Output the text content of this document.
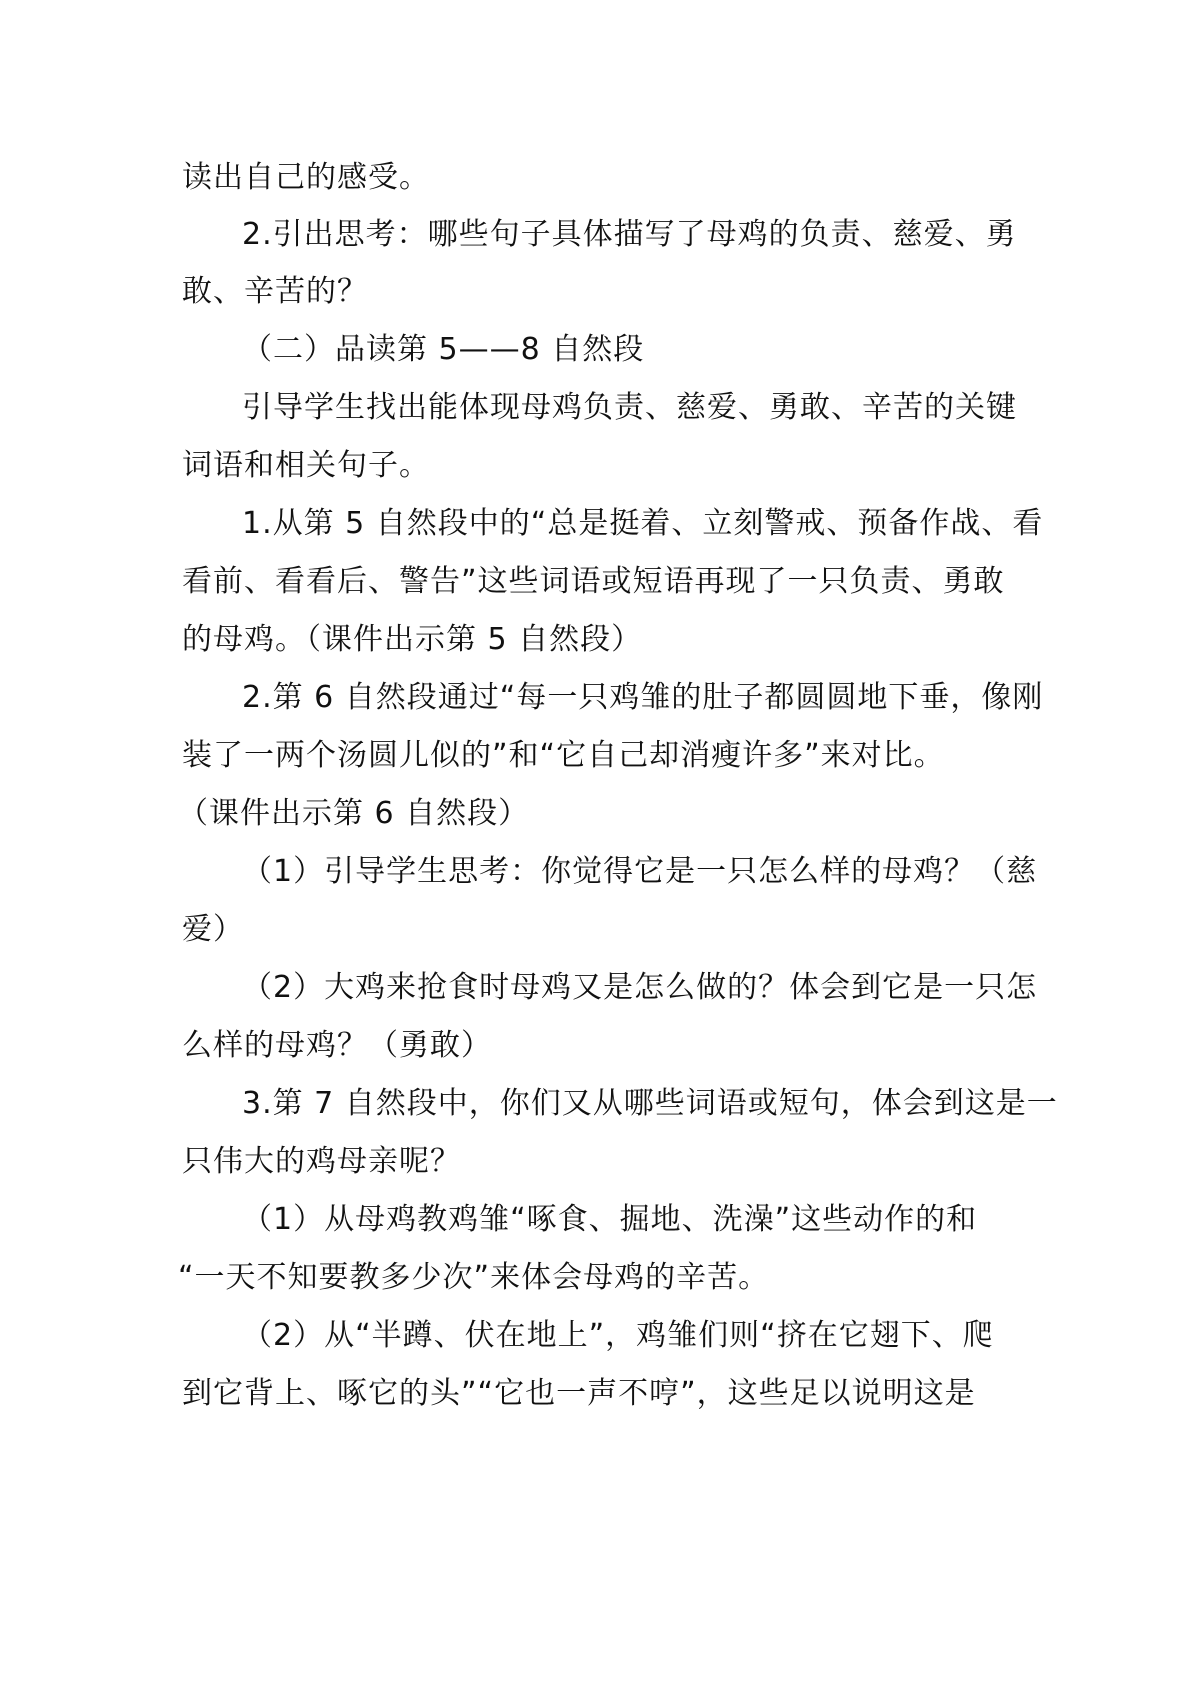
读出自己的感受。

2.引出思考：哪些句子具体描写了母鸡的负责、慈爱、勇

敢、辛苦的？

（二）品读第 5——8 自然段

引导学生找出能体现母鸡负责、慈爱、勇敢、辛苦的关键

词语和相关句子。

1.从第 5 自然段中的“总是挺着、立刻警戒、预备作战、看

看前、看看后、警告”这些词语或短语再现了一只负责、勇敢

的母鸡。（课件出示第 5 自然段）

2.第 6 自然段通过“每一只鸡雏的肚子都圆圆地下垂，像刚

装了一两个汤圆儿似的”和“它自己却消瘦许多”来对比。

（课件出示第 6 自然段）

（1）引导学生思考：你觉得它是一只怎么样的母鸡？（慈

爱）

（2）大鸡来抢食时母鸡又是怎么做的？体会到它是一只怎

么样的母鸡？（勇敢）

3.第 7 自然段中，你们又从哪些词语或短句，体会到这是一

只伟大的鸡母亲呢？

（1）从母鸡教鸡雏“啄食、掘地、洗澡”这些动作的和

“一天不知要教多少次”来体会母鸡的辛苦。

（2）从“半蹲、伏在地上”，鸡雏们则“挤在它翅下、爬

到它背上、啄它的头”“它也一声不哼”，这些足以说明这是
